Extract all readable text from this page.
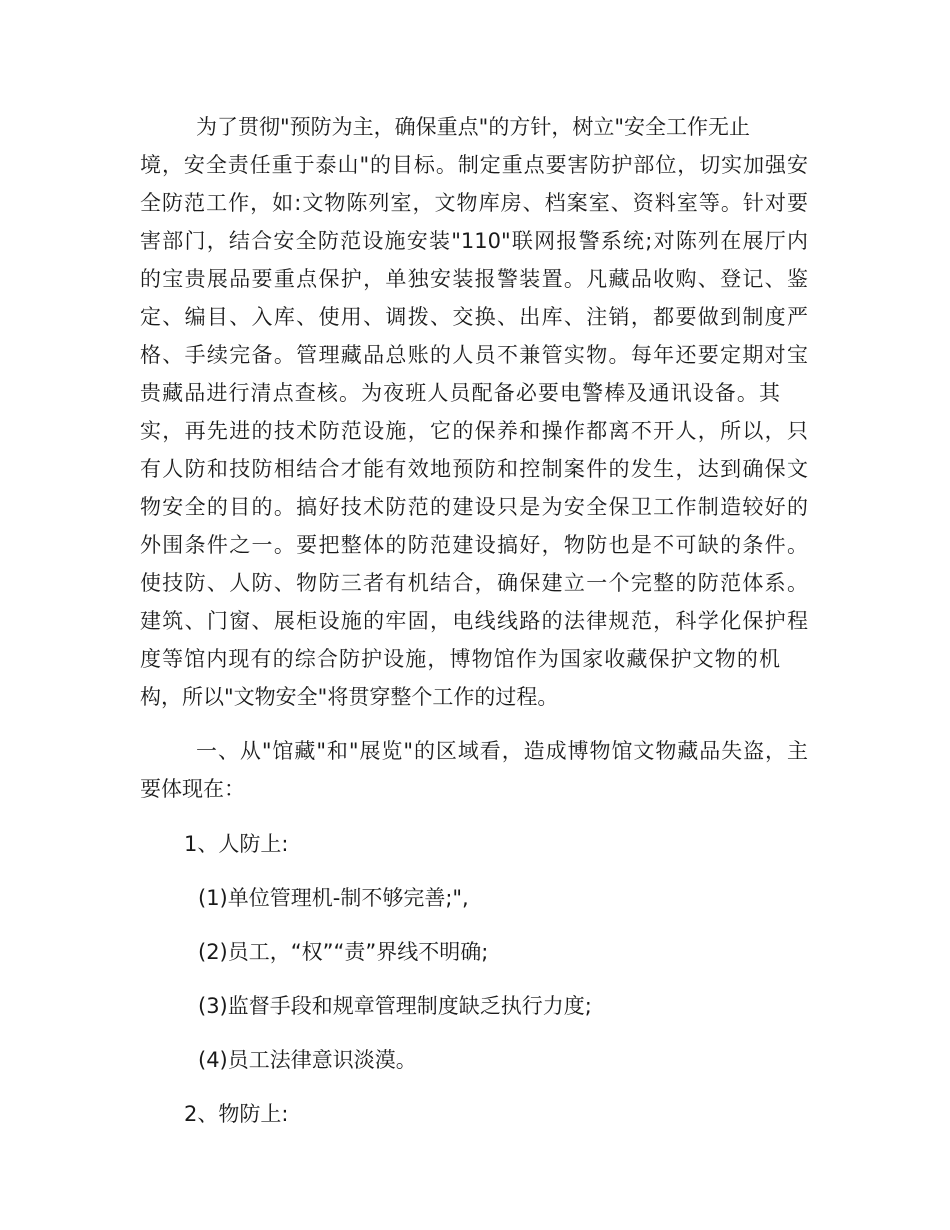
为了贯彻"预防为主，确保重点"的方针，树立"安全工作无止
境，安全责任重于泰山"的目标。制定重点要害防护部位，切实加强安
全防范工作，如:文物陈列室，文物库房、档案室、资料室等。针对要
害部门，结合安全防范设施安装"110"联网报警系统;对陈列在展厅内
的宝贵展品要重点保护，单独安装报警装置。凡藏品收购、登记、鉴
定、编目、入库、使用、调拨、交换、出库、注销，都要做到制度严
格、手续完备。管理藏品总账的人员不兼管实物。每年还要定期对宝
贵藏品进行清点查核。为夜班人员配备必要电警棒及通讯设备。其
实，再先进的技术防范设施，它的保养和操作都离不开人，所以，只
有人防和技防相结合才能有效地预防和控制案件的发生，达到确保文
物安全的目的。搞好技术防范的建设只是为安全保卫工作制造较好的
外围条件之一。要把整体的防范建设搞好，物防也是不可缺的条件。
使技防、人防、物防三者有机结合，确保建立一个完整的防范体系。
建筑、门窗、展柜设施的牢固，电线线路的法律规范，科学化保护程
度等馆内现有的综合防护设施，博物馆作为国家收藏保护文物的机
构，所以"文物安全"将贯穿整个工作的过程。
一、从"馆藏"和"展览"的区域看，造成博物馆文物藏品失盗，主
要体现在：
1、人防上:
(1)单位管理机-制不够完善;",
(2)员工，“权”“责”界线不明确;
(3)监督手段和规章管理制度缺乏执行力度;
(4)员工法律意识淡漠。
2、物防上:
